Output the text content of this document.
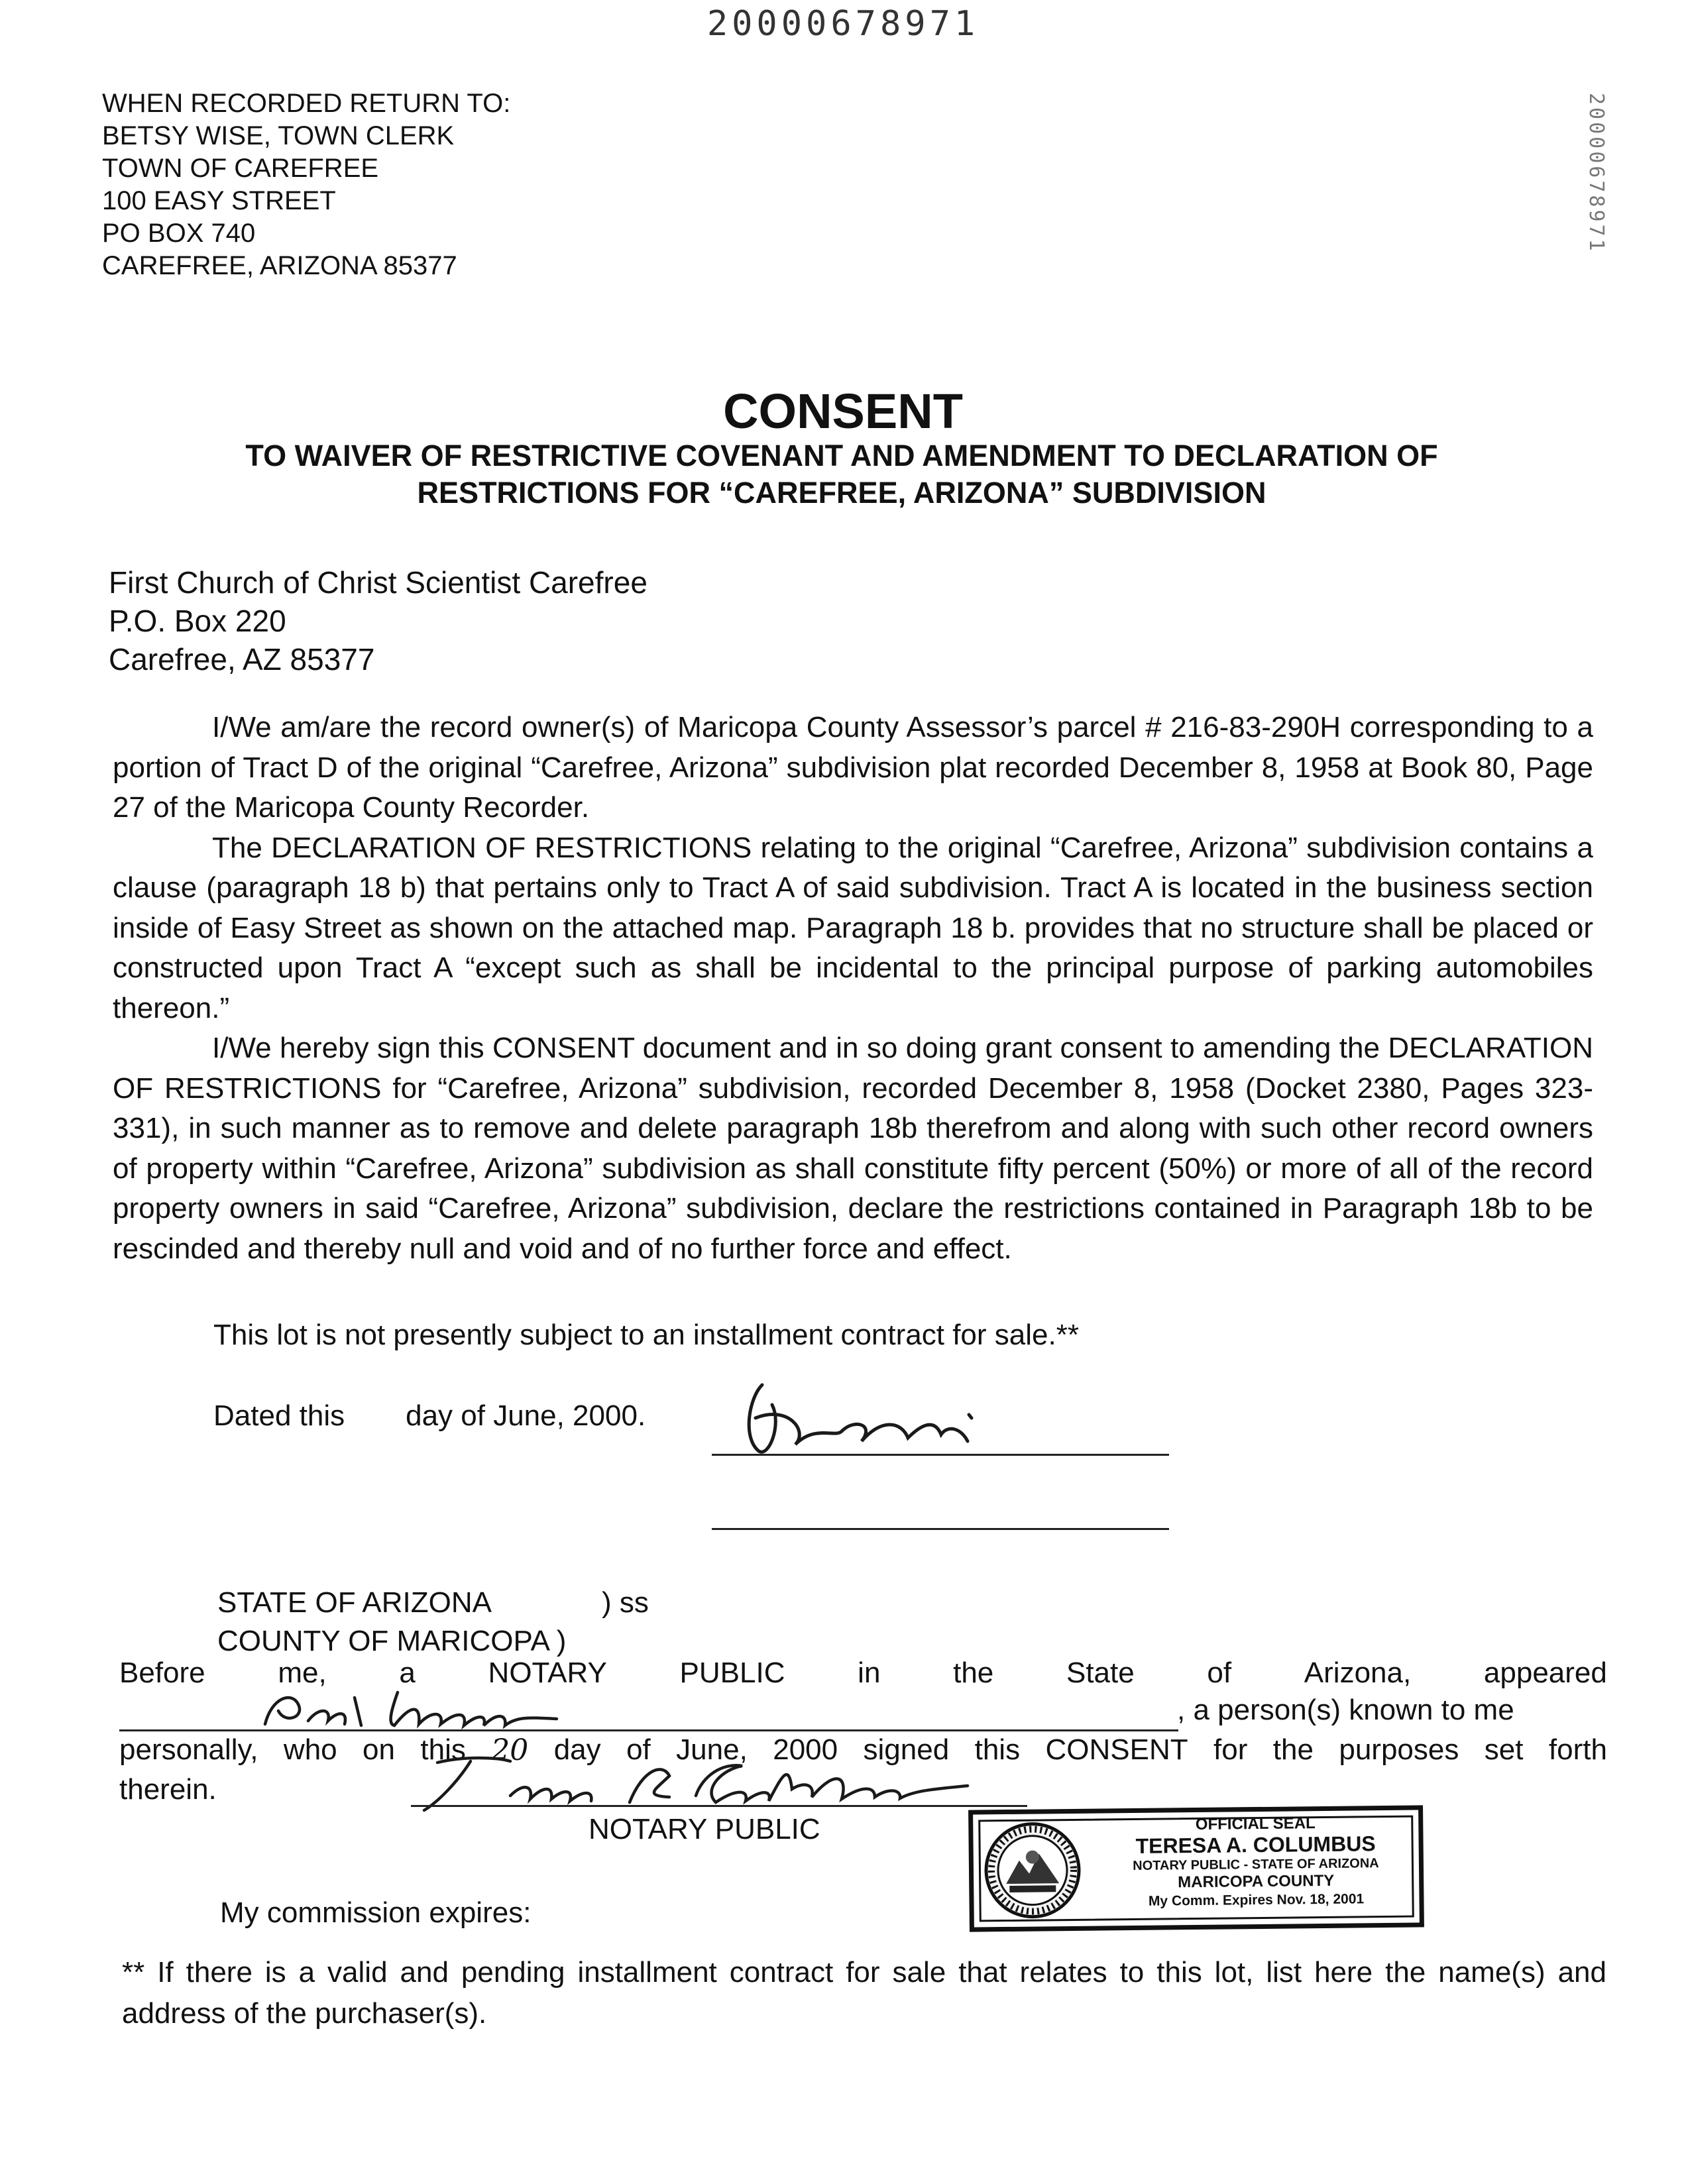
20000678971
WHEN RECORDED RETURN TO:
BETSY WISE, TOWN CLERK
TOWN OF CAREFREE
100 EASY STREET
PO BOX 740
CAREFREE, ARIZONA 85377
20000678971
CONSENT
TO WAIVER OF RESTRICTIVE COVENANT AND AMENDMENT TO DECLARATION OF RESTRICTIONS FOR “CAREFREE, ARIZONA” SUBDIVISION
First Church of Christ Scientist Carefree
P.O. Box 220
Carefree, AZ 85377

I/We am/are the record owner(s) of Maricopa County Assessor’s parcel # 216-83-290H corresponding to a portion of Tract D of the original “Carefree, Arizona” subdivision plat recorded December 8, 1958 at Book 80, Page 27 of the Maricopa County Recorder.

The DECLARATION OF RESTRICTIONS relating to the original “Carefree, Arizona” subdivision contains a clause (paragraph 18 b) that pertains only to Tract A of said subdivision. Tract A is located in the business section inside of Easy Street as shown on the attached map. Paragraph 18 b. provides that no structure shall be placed or constructed upon Tract A “except such as shall be incidental to the principal purpose of parking automobiles thereon.”

I/We hereby sign this CONSENT document and in so doing grant consent to amending the DECLARATION OF RESTRICTIONS for “Carefree, Arizona” subdivision, recorded December 8, 1958 (Docket 2380, Pages 323-331), in such manner as to remove and delete paragraph 18b therefrom and along with such other record owners of property within “Carefree, Arizona” subdivision as shall constitute fifty percent (50%) or more of all of the record property owners in said “Carefree, Arizona” subdivision, declare the restrictions contained in Paragraph 18b to be rescinded and thereby null and void and of no further force and effect.

This lot is not presently subject to an installment contract for sale.**
Dated this day of June, 2000.
STATE OF ARIZONA	) ss
COUNTY OF MARICOPA )
Before me, a NOTARY PUBLIC in the State of Arizona, appeared
, a person(s) known to me
personally, who on this 20 day of June, 2000 signed this CONSENT for the purposes set forth
therein.
NOTARY PUBLIC
My commission expires:
OFFICIAL SEAL
TERESA A. COLUMBUS
NOTARY PUBLIC - STATE OF ARIZONA
MARICOPA COUNTY
My Comm. Expires Nov. 18, 2001
** If there is a valid and pending installment contract for sale that relates to this lot, list here the name(s) and address of the purchaser(s).
